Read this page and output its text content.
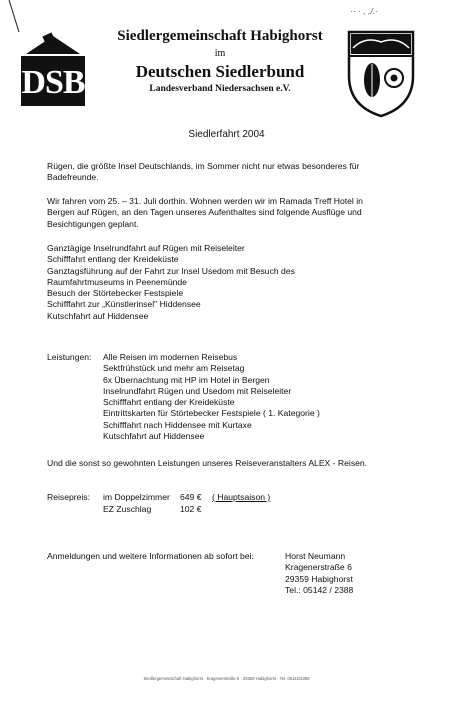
·· · , ,/.·
DSB
Siedlergemeinschaft Habighorst
im
Deutschen Siedlerbund
Landesverband Niedersachsen e.V.
Siedlerfahrt 2004
Rügen, die größte Insel Deutschlands, im Sommer nicht nur etwas besonderes für Badefreunde.
Wir fahren vom 25. – 31. Juli dorthin. Wohnen werden wir im Ramada Treff Hotel in Bergen auf Rügen, an den Tagen unseres Aufenthaltes sind folgende Ausflüge und Besichtigungen geplant.
Ganztägige Inselrundfahrt auf Rügen mit Reiseleiter
Schifffahrt entlang der Kreideküste
Ganztagsführung auf der Fahrt zur Insel Usedom mit Besuch des
Raumfahrtmuseums in Peenemünde
Besuch der Störtebecker Festspiele
Schifffahrt zur „Künstlerinsel" Hiddensee
Kutschfahrt auf Hiddensee
Leistungen: Alle Reisen im modernen Reisebus
Sektfrühstück und mehr am Reisetag
6x Übernachtung mit HP im Hotel in Bergen
Inselrundfahrt Rügen und Usedom mit Reiseleiter
Schifffahrt entlang der Kreideküste
Eintrittskarten für Störtebecker Festspiele ( 1. Kategorie )
Schifffahrt nach Hiddensee mit Kurtaxe
Kutschfahrt auf Hiddensee
Und die sonst so gewohnten Leistungen unseres Reiseveranstalters ALEX - Reisen.
Reisepreis: im Doppelzimmer 649 € ( Hauptsaison )
EZ Zuschlag	102 €
Anmeldungen und weitere Informationen ab sofort bei:	Horst Neumann
Kragenerstraße 6
29359 Habighorst
Tel.: 05142 / 2388
Siedlergemeinschaft Habighorst · Kragenerstraße 6 · 29359 Habighorst · Tel. 05142/2388
